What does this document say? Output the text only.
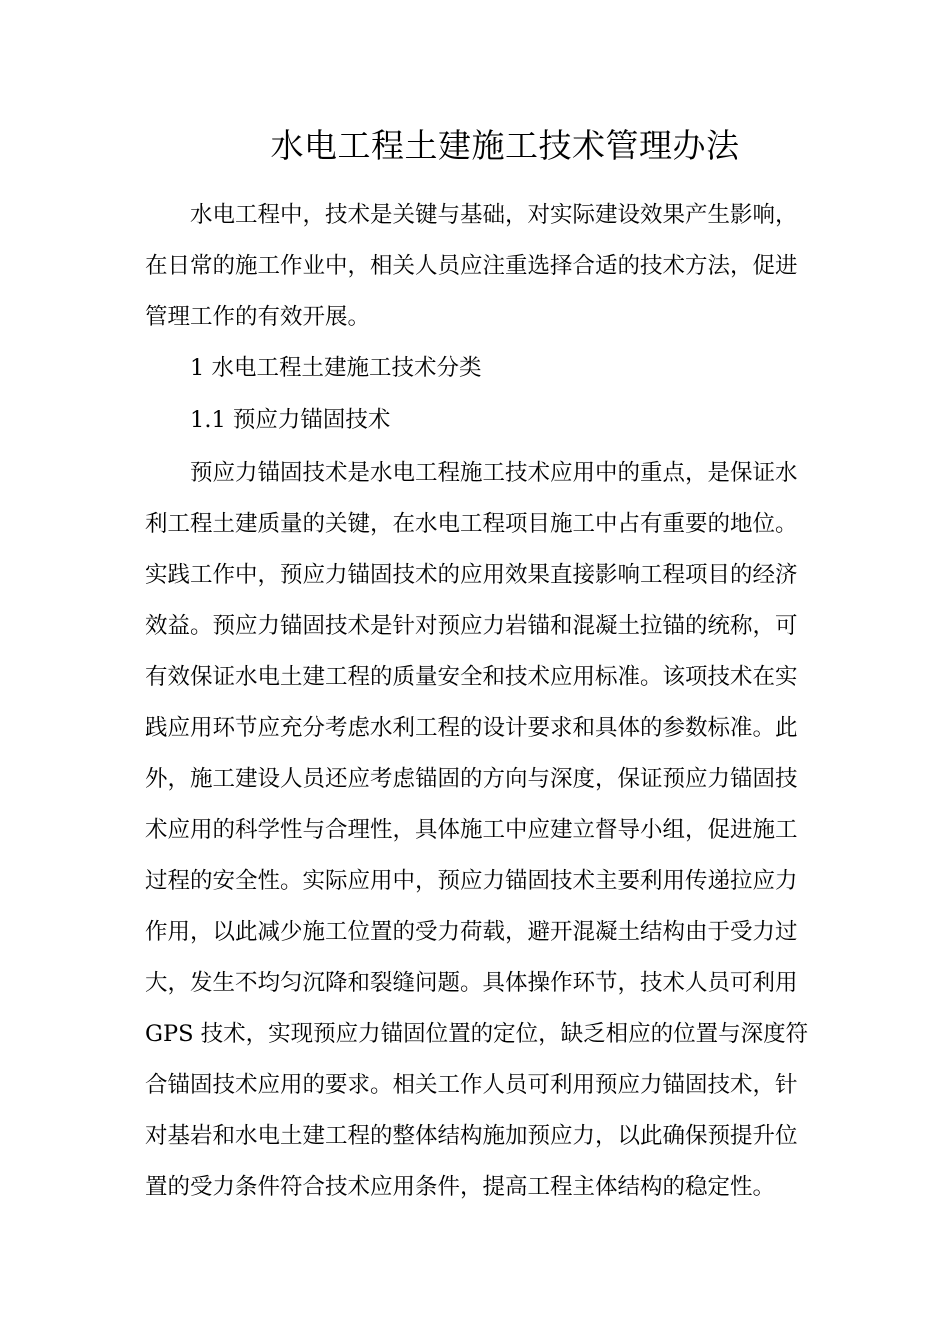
水电工程土建施工技术管理办法
水电工程中，技术是关键与基础，对实际建设效果产生影响，
在日常的施工作业中，相关人员应注重选择合适的技术方法，促进
管理工作的有效开展。
1 水电工程土建施工技术分类
1.1 预应力锚固技术
预应力锚固技术是水电工程施工技术应用中的重点，是保证水
利工程土建质量的关键，在水电工程项目施工中占有重要的地位。
实践工作中，预应力锚固技术的应用效果直接影响工程项目的经济
效益。预应力锚固技术是针对预应力岩锚和混凝土拉锚的统称，可
有效保证水电土建工程的质量安全和技术应用标准。该项技术在实
践应用环节应充分考虑水利工程的设计要求和具体的参数标准。此
外，施工建设人员还应考虑锚固的方向与深度，保证预应力锚固技
术应用的科学性与合理性，具体施工中应建立督导小组，促进施工
过程的安全性。实际应用中，预应力锚固技术主要利用传递拉应力
作用，以此减少施工位置的受力荷载，避开混凝土结构由于受力过
大，发生不均匀沉降和裂缝问题。具体操作环节，技术人员可利用
GPS 技术，实现预应力锚固位置的定位，缺乏相应的位置与深度符
合锚固技术应用的要求。相关工作人员可利用预应力锚固技术，针
对基岩和水电土建工程的整体结构施加预应力，以此确保预提升位
置的受力条件符合技术应用条件，提高工程主体结构的稳定性。
